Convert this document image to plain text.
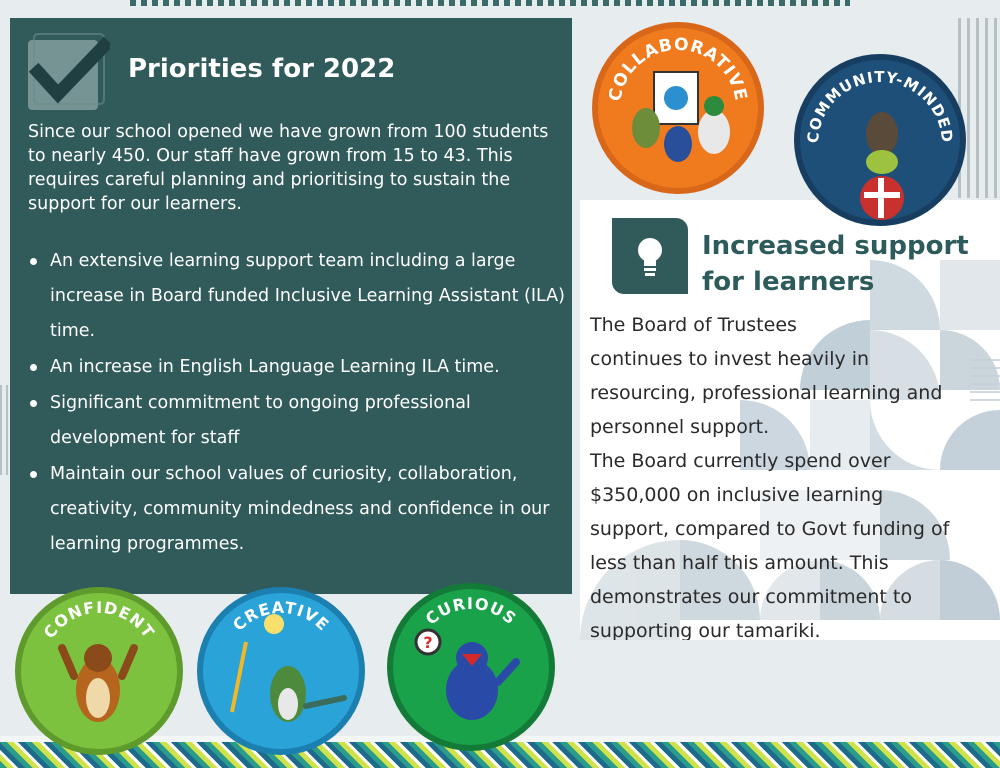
Priorities for 2022

Since our school opened we have grown from 100 students to nearly 450. Our staff have grown from 15 to 43. This requires careful planning and prioritising to sustain the support for our learners.

An extensive learning support team including a large increase in Board funded Inclusive Learning Assistant (ILA) time.
An increase in English Language Learning ILA time.
Significant commitment to ongoing professional development for staff
Maintain our school values of curiosity, collaboration, creativity, community mindedness and confidence in our learning programmes.
Increased support
for learners

The Board of Trustees
continues to invest heavily in
resourcing, professional learning and
personnel support.
The Board currently spend over
$350,000 on inclusive learning
support, compared to Govt funding of
less than half this amount. This
demonstrates our commitment to
supporting our tamariki.

COLLABORATIVE
COMMUNITY-MINDED
CONFIDENT	CREATIVE
?
CURIOUS
